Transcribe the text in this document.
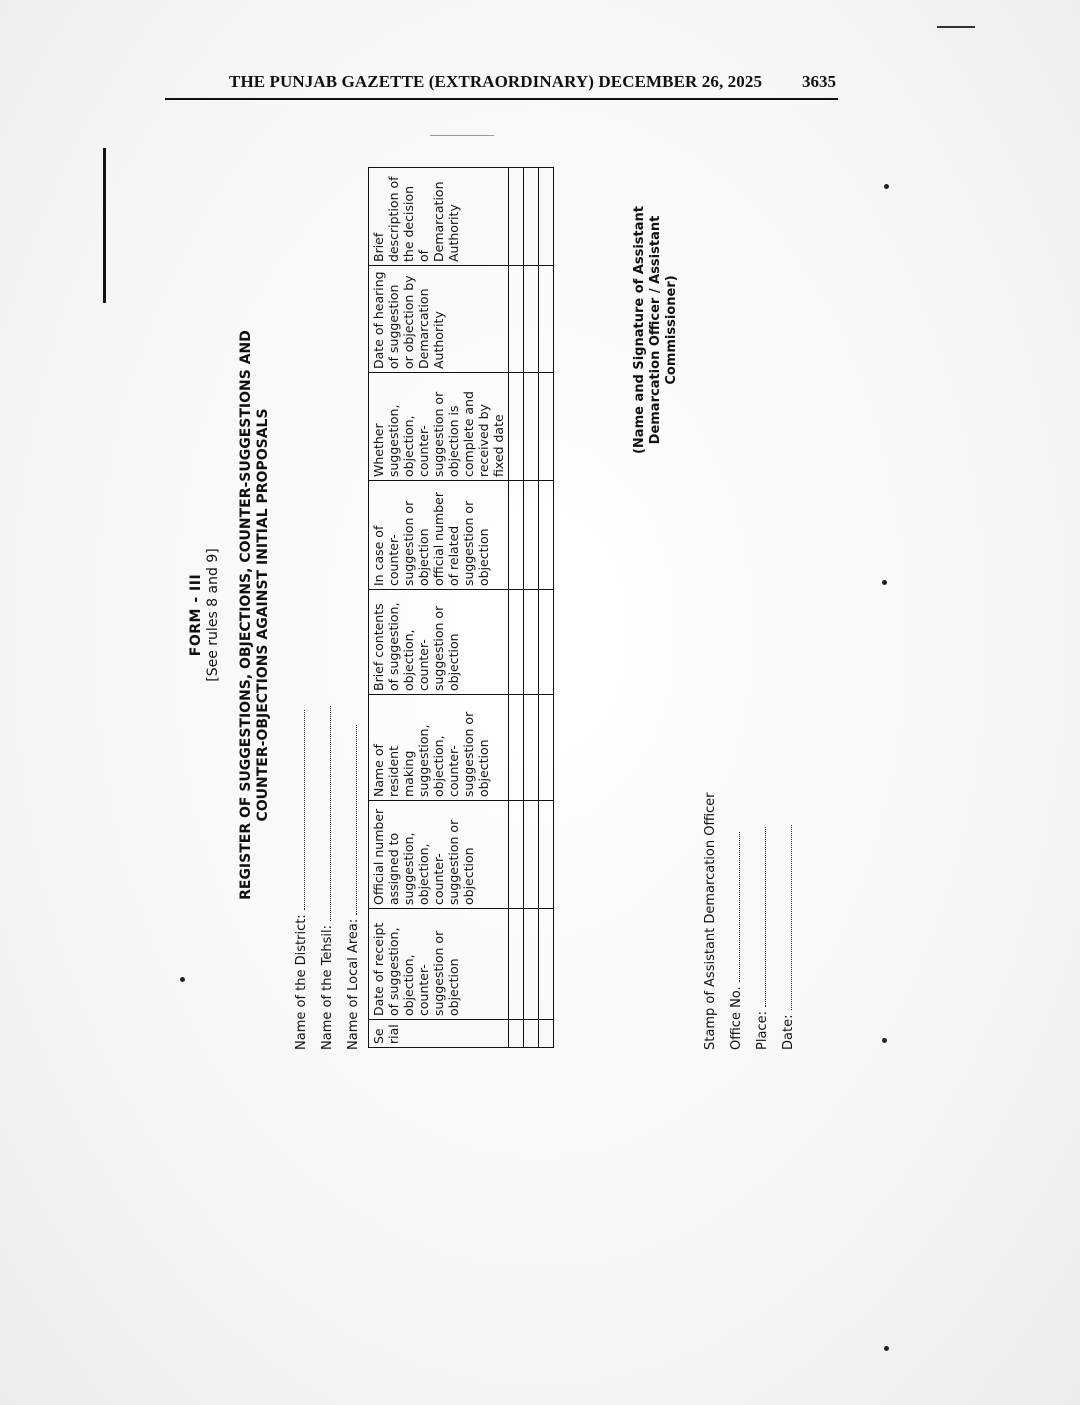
THE PUNJAB GAZETTE (EXTRAORDINARY) DECEMBER 26, 2025 3635
FORM - III [See rules 8 and 9] REGISTER OF SUGGESTIONS, OBJECTIONS, COUNTER-SUGGESTIONS AND COUNTER-OBJECTIONS AGAINST INITIAL PROPOSALS
Name of the District: Name of the Tehsil: Name of Local Area: Se rial	Date of receipt of suggestion, objection, counter-suggestion or objection	Official number assigned to suggestion, objection, counter-suggestion or objection	Name of resident making suggestion, objection, counter-suggestion or objection	Brief contents of suggestion, objection, counter-suggestion or objection	In case of counter-suggestion or objection official number of related suggestion or objection	Whether suggestion, objection, counter-suggestion or objection is complete and received by fixed date	Date of hearing of suggestion or objection by Demarcation Authority	Brief description of the decision of Demarcation Authority

									(Name and Signature of Assistant Demarcation Officer / Assistant Commissioner)
Stamp of Assistant Demarcation Officer Office No. Place: Date:
